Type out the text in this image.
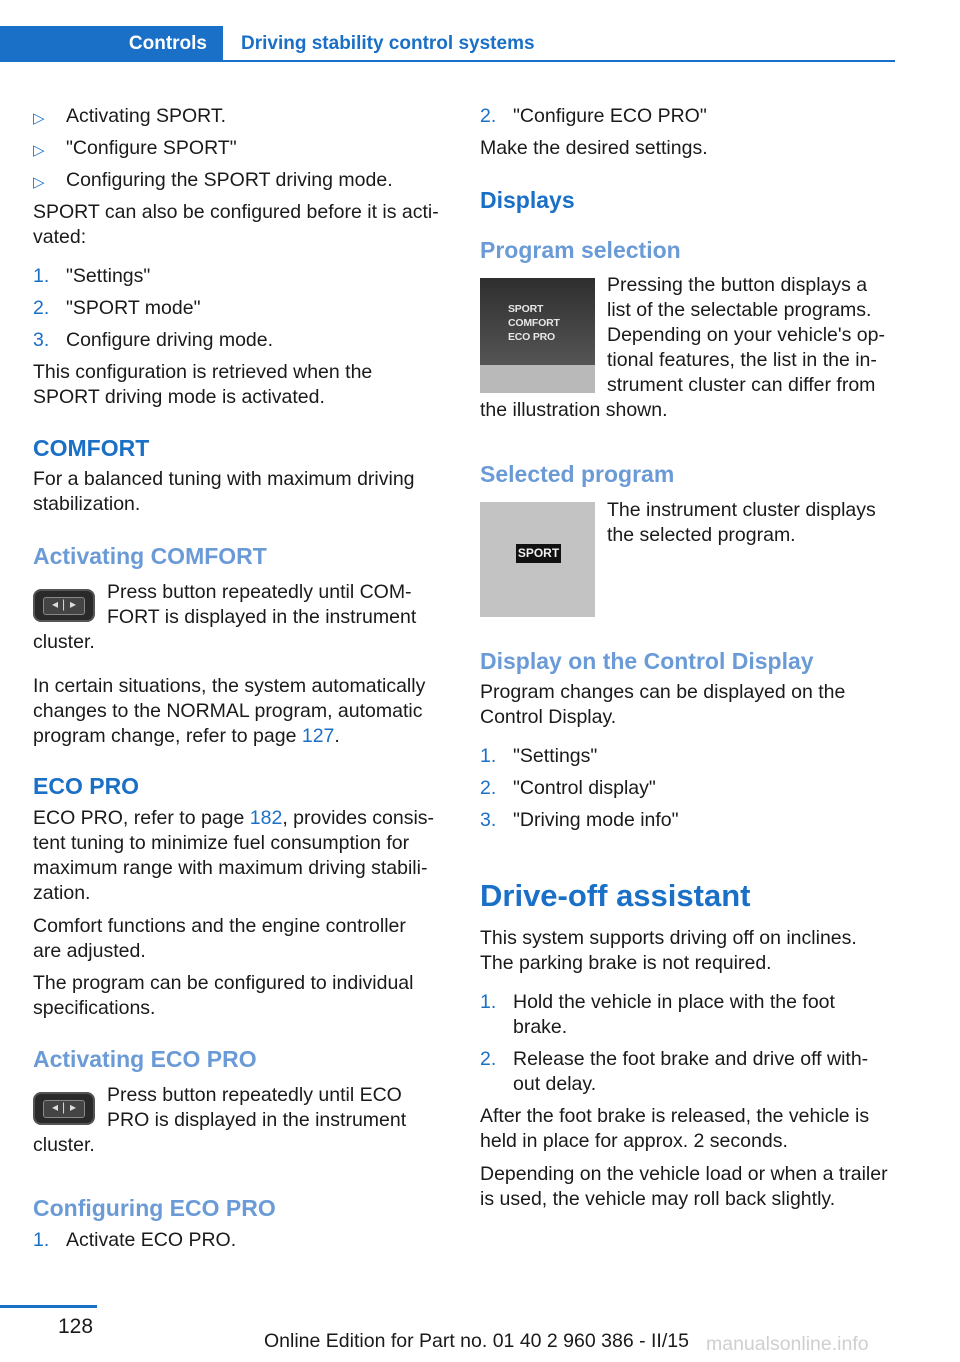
Controls Driving stability control systems
▷ Activating SPORT.
▷ "Configure SPORT"
▷ Configuring the SPORT driving mode.
SPORT can also be configured before it is acti‐
vated:
1. "Settings"
2. "SPORT mode"
3. Configure driving mode.
This configuration is retrieved when the
SPORT driving mode is activated.
COMFORT
For a balanced tuning with maximum driving
stabilization.
Activating COMFORT
◂ | ▸
Press button repeatedly until COM‐
FORT is displayed in the instrument
cluster.
In certain situations, the system automatically
changes to the NORMAL program, automatic
program change, refer to page 127.
ECO PRO
ECO PRO, refer to page 182, provides consis‐
tent tuning to minimize fuel consumption for
maximum range with maximum driving stabili‐
zation.
Comfort functions and the engine controller
are adjusted.
The program can be configured to individual
specifications.
Activating ECO PRO
◂ | ▸
Press button repeatedly until ECO
PRO is displayed in the instrument
cluster.
Configuring ECO PRO
1. Activate ECO PRO.
2. "Configure ECO PRO"
Make the desired settings.
Displays
Program selection
SPORT
COMFORT
ECO PRO
Pressing the button displays a
list of the selectable programs.
Depending on your vehicle's op‐
tional features, the list in the in‐
strument cluster can differ from
the illustration shown.
Selected program
SPORT
The instrument cluster displays
the selected program.
Display on the Control Display
Program changes can be displayed on the
Control Display.
1. "Settings"
2. "Control display"
3. "Driving mode info"
Drive-off assistant
This system supports driving off on inclines.
The parking brake is not required.
1. Hold the vehicle in place with the foot
brake.
2. Release the foot brake and drive off with‐
out delay.
After the foot brake is released, the vehicle is
held in place for approx. 2 seconds.
Depending on the vehicle load or when a trailer
is used, the vehicle may roll back slightly.
128
Online Edition for Part no. 01 40 2 960 386 - II/15 manualsonline.info
